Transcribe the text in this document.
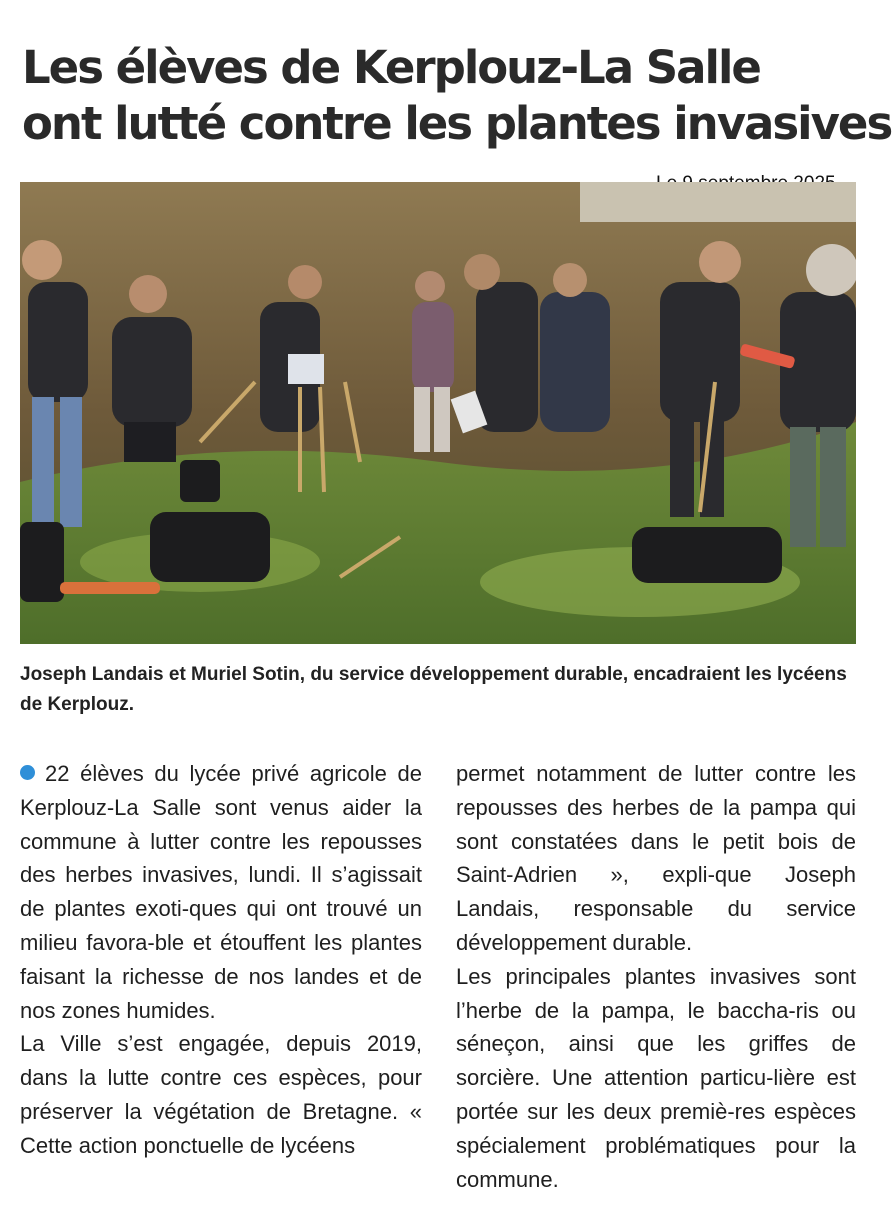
Les élèves de Kerplouz-La Salle
ont lutté contre les plantes invasives

Joseph Landais et Muriel Sotin, du service développement durable, encadraient les lycéens de Kerplouz.

22 élèves du lycée privé agricole de Kerplouz-La Salle sont venus aider la commune à lutter contre les repousses des herbes invasives, lundi. Il s’agissait de plantes exoti-ques qui ont trouvé un milieu favora-ble et étouffent les plantes faisant la richesse de nos landes et de nos zones humides.

La Ville s’est engagée, depuis 2019, dans la lutte contre ces espèces, pour préserver la végétation de Bretagne. « Cette action ponctuelle de lycéens

permet notamment de lutter contre les repousses des herbes de la pampa qui sont constatées dans le petit bois de Saint-Adrien », expli-que Joseph Landais, responsable du service développement durable.

Les principales plantes invasives sont l’herbe de la pampa, le baccha-ris ou séneçon, ainsi que les griffes de sorcière. Une attention particu-lière est portée sur les deux premiè-res espèces spécialement problématiques pour la commune.
